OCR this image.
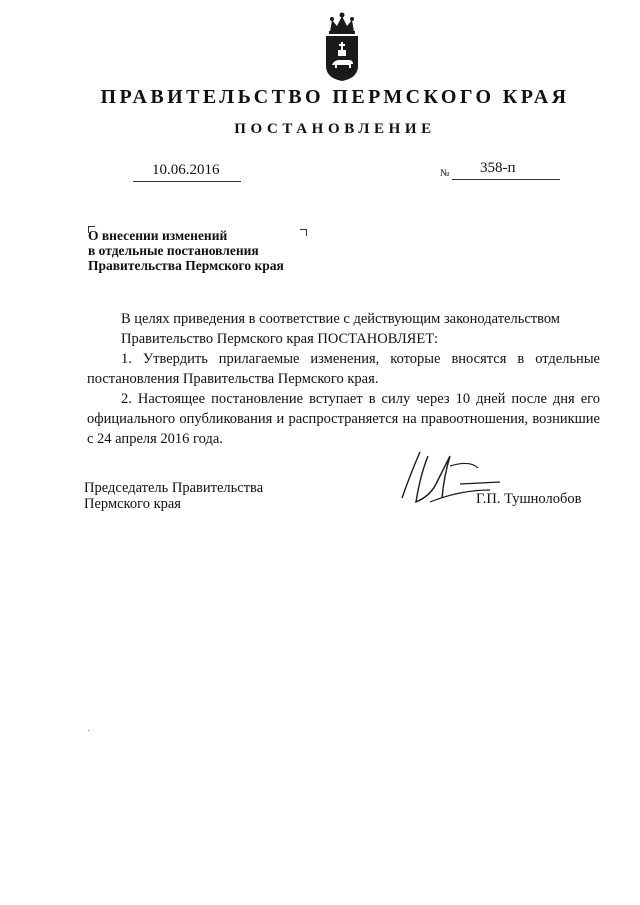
ПРАВИТЕЛЬСТВО ПЕРМСКОГО КРАЯ
ПОСТАНОВЛЕНИЕ
10.06.2016	№ 358-п
О внесении изменений
в отдельные постановления
Правительства Пермского края

В целях приведения в соответствие с действующим законодательством

Правительство Пермского края ПОСТАНОВЛЯЕТ:

1. Утвердить прилагаемые изменения, которые вносятся в отдельные постановления Правительства Пермского края.

2. Настоящее постановление вступает в силу через 10 дней после дня его официального опубликования и распространяется на правоотношения, возникшие с 24 апреля 2016 года.

Председатель Правительства
Пермского края	Г.П. Тушнолобов
